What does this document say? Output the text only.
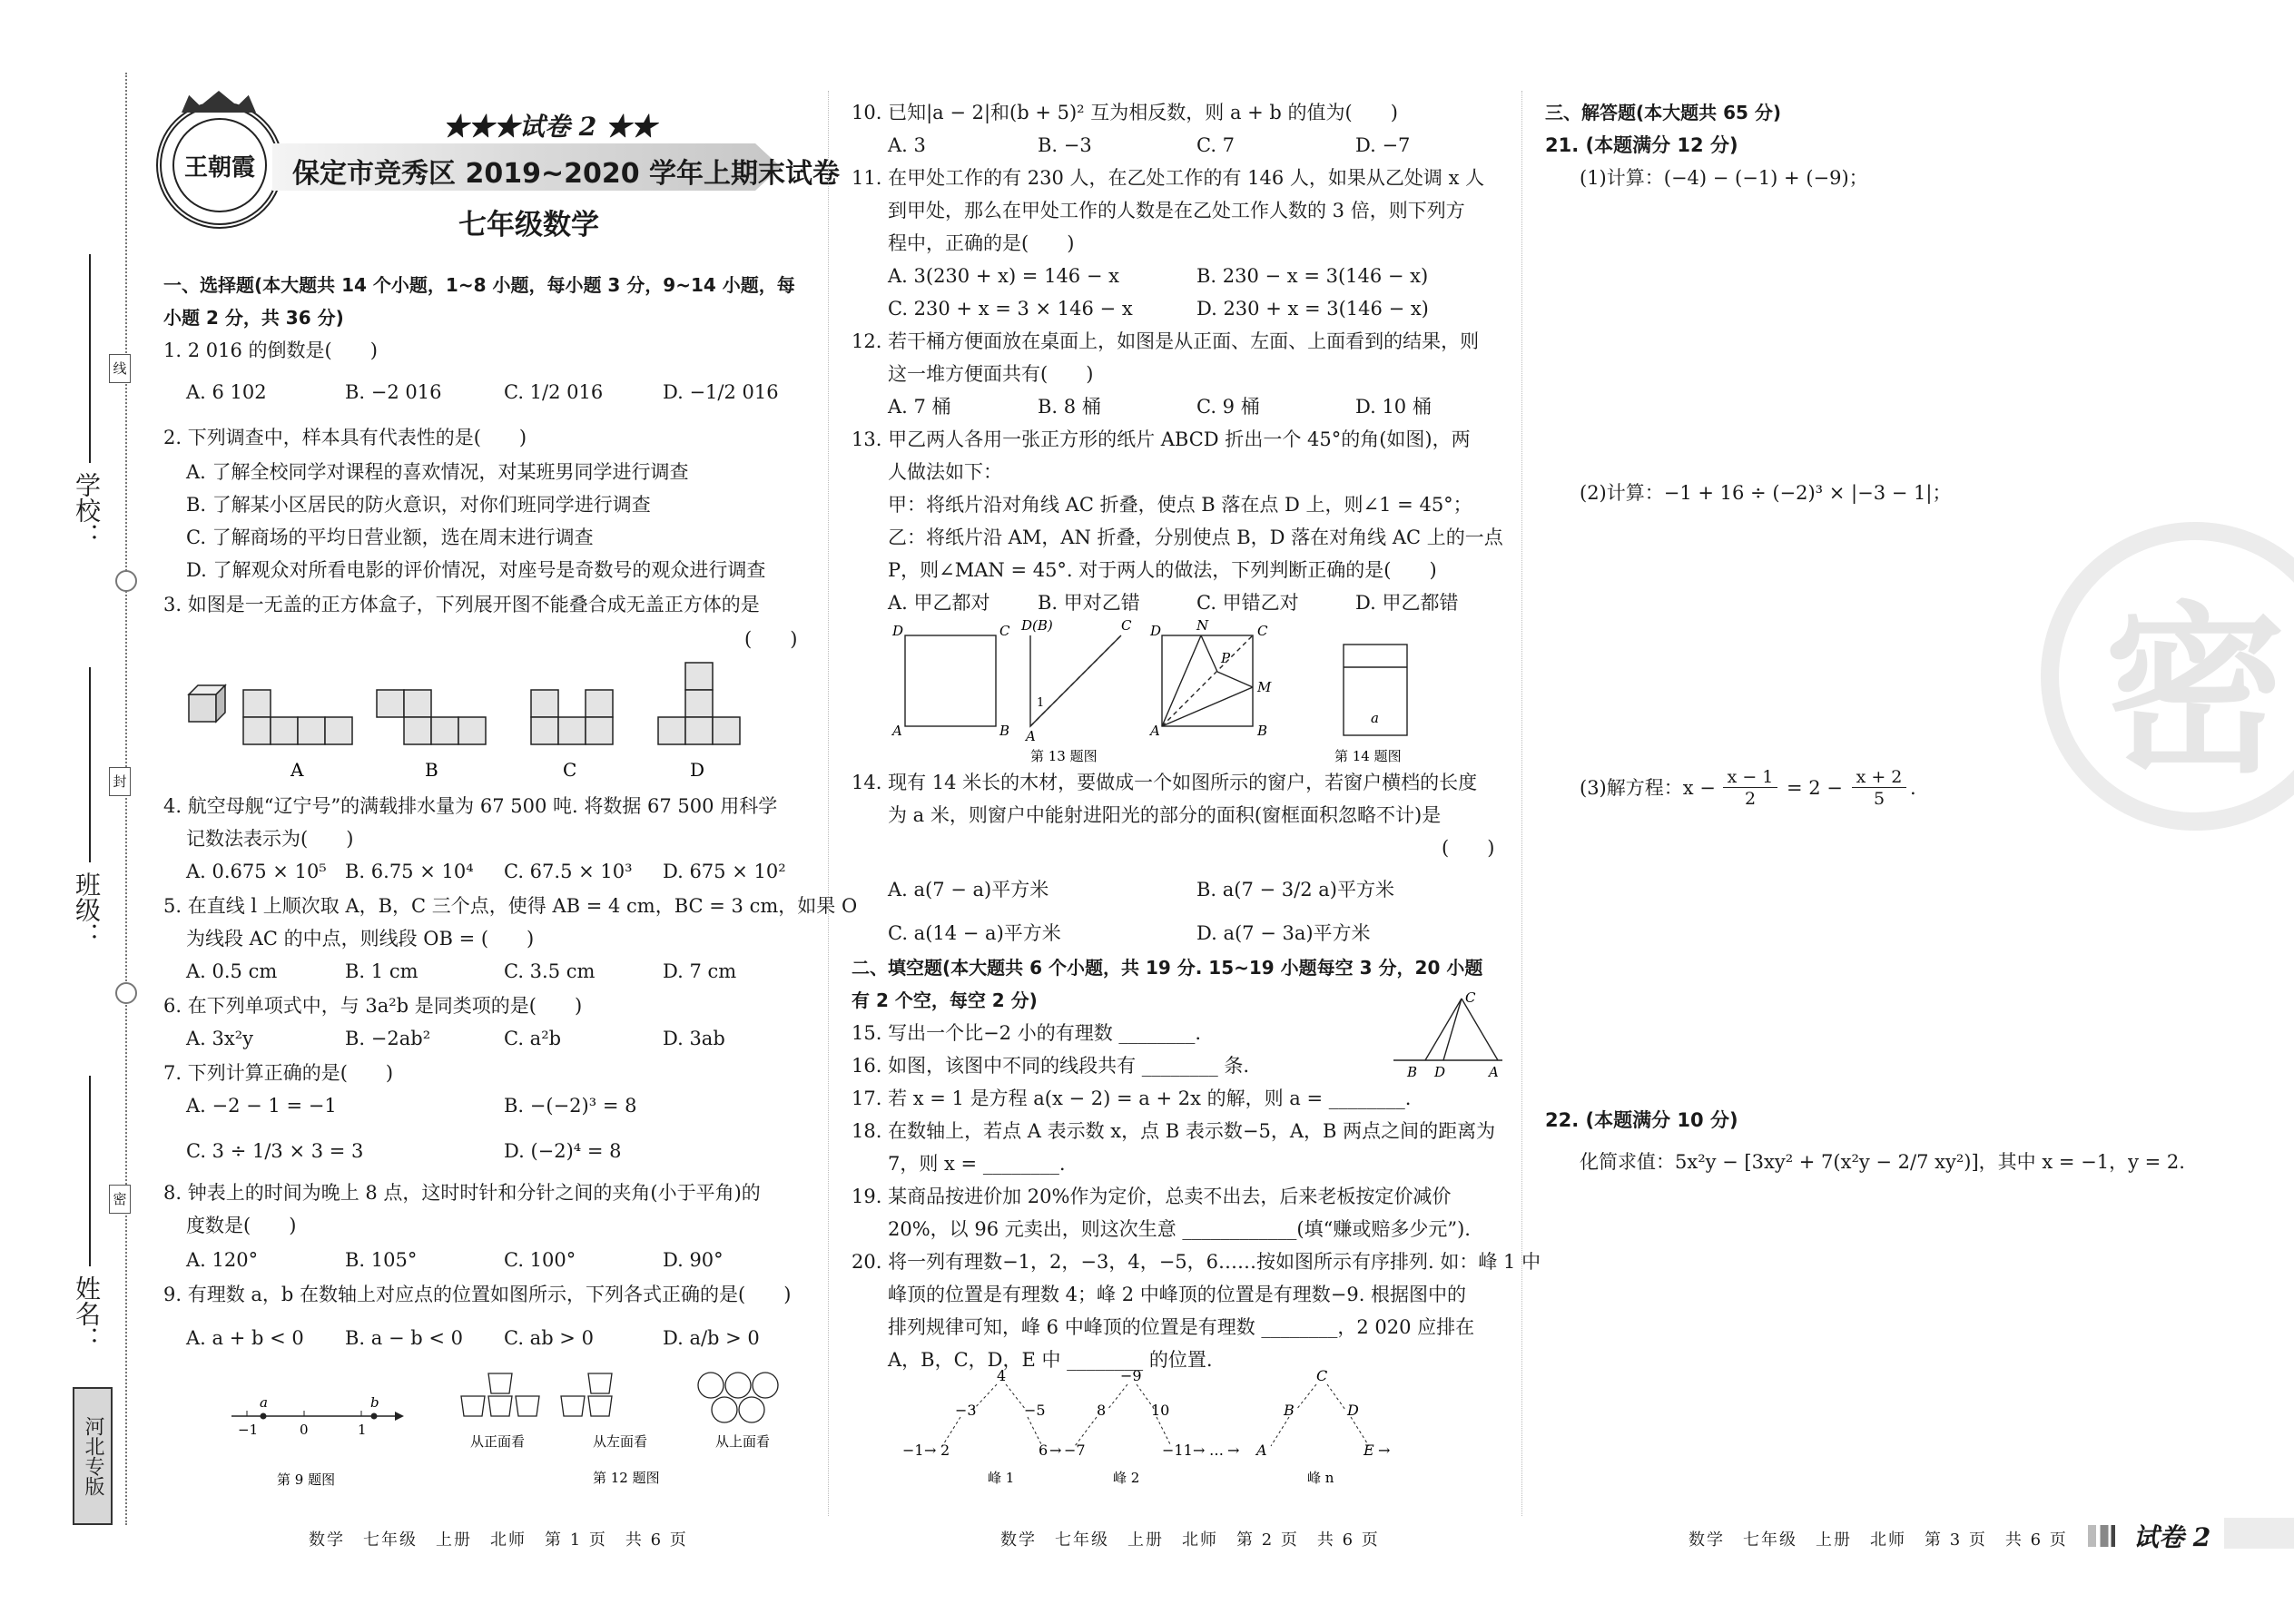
学校：
班级：
姓名：
线
封
密
河北专版
王朝霞
★★★试卷 2 ★★
保定市竞秀区 2019~2020 学年上期末试卷
七年级数学
一、选择题(本大题共 14 个小题，1~8 小题，每小题 3 分，9~14 小题，每小题 2 分，共 36 分)
1. 2 016 的倒数是(　　)
A. 6 102	B. −2 016	C. 1/2 016	D. −1/2 016
2. 下列调查中，样本具有代表性的是(　　)
A. 了解全校同学对课程的喜欢情况，对某班男同学进行调查
B. 了解某小区居民的防火意识，对你们班同学进行调查
C. 了解商场的平均日营业额，选在周末进行调查
D. 了解观众对所看电影的评价情况，对座号是奇数号的观众进行调查
3. 如图是一无盖的正方体盒子，下列展开图不能叠合成无盖正方体的是
(　　)
A	B	C	D
4. 航空母舰“辽宁号”的满载排水量为 67 500 吨. 将数据 67 500 用科学
记数法表示为(　　)
A. 0.675 × 10⁵ B. 6.75 × 10⁴ C. 67.5 × 10³ D. 675 × 10²
5. 在直线 l 上顺次取 A，B，C 三个点，使得 AB = 4 cm，BC = 3 cm，如果 O
为线段 AC 的中点，则线段 OB = (　　)
A. 0.5 cm	B. 1 cm	C. 3.5 cm	D. 7 cm
6. 在下列单项式中，与 3a²b 是同类项的是(　　)
A. 3x²y	B. −2ab²	C. a²b	D. 3ab
7. 下列计算正确的是(　　)
A. −2 − 1 = −1	B. −(−2)³ = 8
C. 3 ÷ 1/3 × 3 = 3	D. (−2)⁴ = 8
8. 钟表上的时间为晚上 8 点，这时时针和分针之间的夹角(小于平角)的
度数是(　　)
A. 120°	B. 105°	C. 100°	D. 90°
9. 有理数 a，b 在数轴上对应点的位置如图所示，下列各式正确的是(　　)
A. a + b < 0 B. a − b < 0 C. ab > 0	D. a/b > 0
a	b
−1	0	1
第 9 题图
从正面看	从左面看	从上面看
第 12 题图
数学　七年级　上册　北师　第 1 页　共 6 页
10. 已知|a − 2|和(b + 5)² 互为相反数，则 a + b 的值为(　　)
A. 3	B. −3	C. 7	D. −7
11. 在甲处工作的有 230 人，在乙处工作的有 146 人，如果从乙处调 x 人
到甲处，那么在甲处工作的人数是在乙处工作人数的 3 倍，则下列方
程中，正确的是(　　)
A. 3(230 + x) = 146 − x	B. 230 − x = 3(146 − x)
C. 230 + x = 3 × 146 − x	D. 230 + x = 3(146 − x)
12. 若干桶方便面放在桌面上，如图是从正面、左面、上面看到的结果，则
这一堆方便面共有(　　)
A. 7 桶	B. 8 桶	C. 9 桶	D. 10 桶
13. 甲乙两人各用一张正方形的纸片 ABCD 折出一个 45°的角(如图)，两
人做法如下：
甲：将纸片沿对角线 AC 折叠，使点 B 落在点 D 上，则∠1 = 45°；
乙：将纸片沿 AM，AN 折叠，分别使点 B，D 落在对角线 AC 上的一点
P，则∠MAN = 45°. 对于两人的做法，下列判断正确的是(　　)
A. 甲乙都对 B. 甲对乙错	C. 甲错乙对	D. 甲乙都错
D	C
A	B
D(B)	C
1
A
D	N	C
P
M
A	B
第 13 题图
a
第 14 题图
14. 现有 14 米长的木材，要做成一个如图所示的窗户，若窗户横档的长度
为 a 米，则窗户中能射进阳光的部分的面积(窗框面积忽略不计)是
(　　)
A. a(7 − a)平方米	B. a(7 − 3/2 a)平方米
C. a(14 − a)平方米	D. a(7 − 3a)平方米
二、填空题(本大题共 6 个小题，共 19 分. 15~19 小题每空 3 分，20 小题
有 2 个空，每空 2 分)
15. 写出一个比−2 小的有理数 ________.
16. 如图，该图中不同的线段共有 ________ 条.
C
B D	A
17. 若 x = 1 是方程 a(x − 2) = a + 2x 的解，则 a = ________.
18. 在数轴上，若点 A 表示数 x，点 B 表示数−5，A，B 两点之间的距离为
7，则 x = ________.
19. 某商品按进价加 20%作为定价，总卖不出去，后来老板按定价减价
20%，以 96 元卖出，则这次生意 ____________(填“赚或赔多少元”).
20. 将一列有理数−1，2，−3，4，−5，6……按如图所示有序排列. 如：峰 1 中
峰顶的位置是有理数 4；峰 2 中峰顶的位置是有理数−9. 根据图中的
排列规律可知，峰 6 中峰顶的位置是有理数 ________，2 020 应排在
A，B，C，D，E 中 ________ 的位置.
4
−3	−5
−1 → 2	6 → −7
−9
8	10
−11 → … →
C
B	D
A	E →
峰 1	峰 2	峰 n
数学　七年级　上册　北师　第 2 页　共 6 页
三、解答题(本大题共 65 分)
21. (本题满分 12 分)
(1)计算：(−4) − (−1) + (−9)；
(2)计算：−1 + 16 ÷ (−2)³ × |−3 − 1|；
(3)解方程：$x - \frac{x - 1}{2} = 2 - \frac{x + 2}{5}$ .
22. (本题满分 10 分)
化简求值：5x²y − [3xy² + 7(x²y − 2/7 xy²)]，其中 x = −1，y = 2.
密
数学　七年级　上册　北师　第 3 页　共 6 页	试卷 2
